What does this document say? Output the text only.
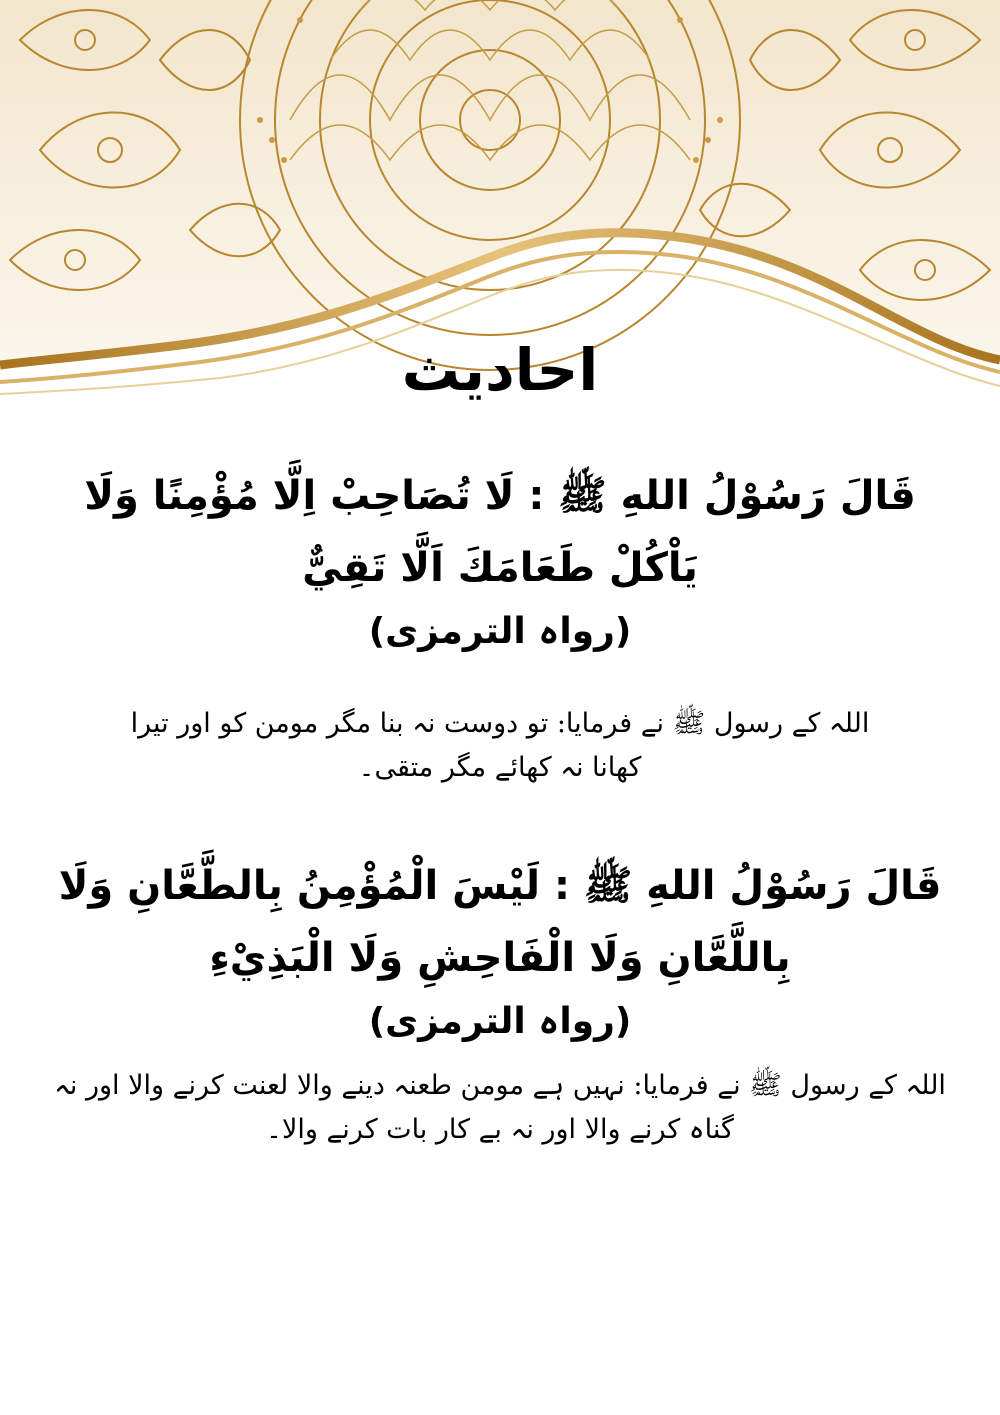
احادیث
قَالَ رَسُوْلُ اللهِ ﷺ : لَا تُصَاحِبْ اِلَّا مُؤْمِنًا وَلَا يَاْكُلْ طَعَامَكَ اَلَّا تَقِيٌّ
(رواہ الترمزی)
اللہ کے رسول ﷺ نے فرمایا: تو دوست نہ بنا مگر مومن کو اور تیرا کھانا نہ کھائے مگر متقی۔
قَالَ رَسُوْلُ اللهِ ﷺ : لَيْسَ الْمُؤْمِنُ بِالطَّعَّانِ وَلَا بِاللَّعَّانِ وَلَا الْفَاحِشِ وَلَا الْبَذِيْءِ
(رواہ الترمزی)
اللہ کے رسول ﷺ نے فرمایا: نہیں ہے مومن طعنہ دینے والا لعنت کرنے والا اور نہ گناہ کرنے والا اور نہ بے کار بات کرنے والا۔
